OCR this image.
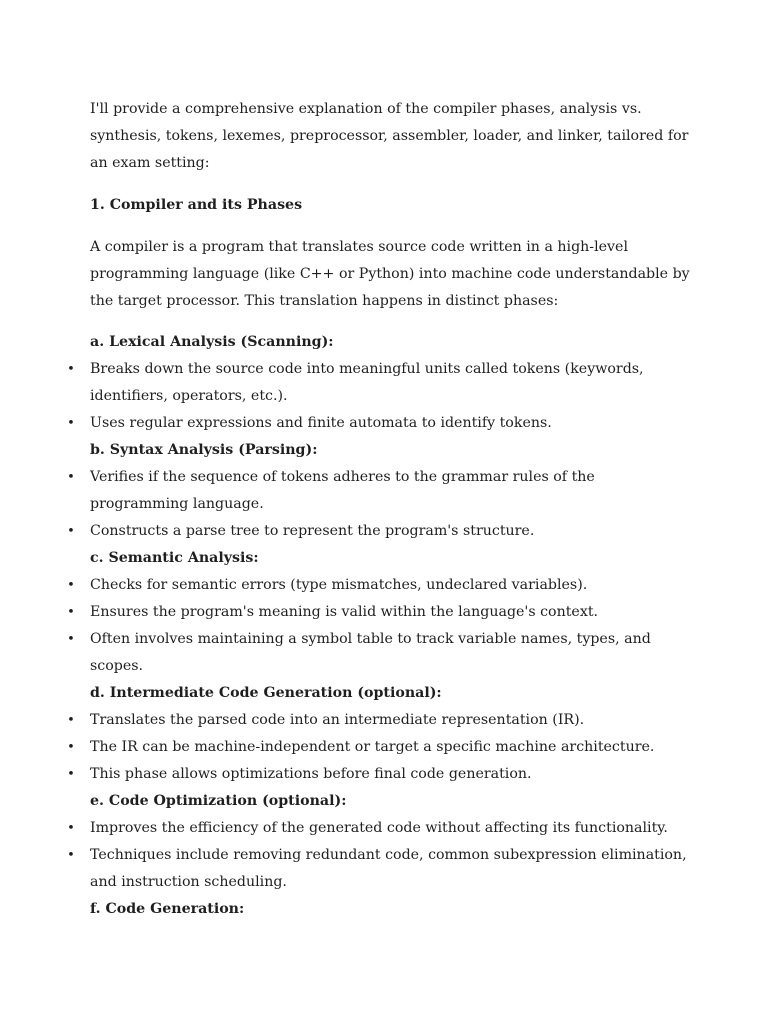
I'll provide a comprehensive explanation of the compiler phases, analysis vs. synthesis, tokens, lexemes, preprocessor, assembler, loader, and linker, tailored for an exam setting:

1. Compiler and its Phases

A compiler is a program that translates source code written in a high-level programming language (like C++ or Python) into machine code understandable by the target processor. This translation happens in distinct phases:

a. Lexical Analysis (Scanning):

• Breaks down the source code into meaningful units called tokens (keywords, identifiers, operators, etc.).
• Uses regular expressions and finite automata to identify tokens.

b. Syntax Analysis (Parsing):

• Verifies if the sequence of tokens adheres to the grammar rules of the programming language.
• Constructs a parse tree to represent the program's structure.

c. Semantic Analysis:

• Checks for semantic errors (type mismatches, undeclared variables).
• Ensures the program's meaning is valid within the language's context.
• Often involves maintaining a symbol table to track variable names, types, and scopes.

d. Intermediate Code Generation (optional):

• Translates the parsed code into an intermediate representation (IR).
• The IR can be machine-independent or target a specific machine architecture.
• This phase allows optimizations before final code generation.

e. Code Optimization (optional):

• Improves the efficiency of the generated code without affecting its functionality.
• Techniques include removing redundant code, common subexpression elimination, and instruction scheduling.

f. Code Generation:
